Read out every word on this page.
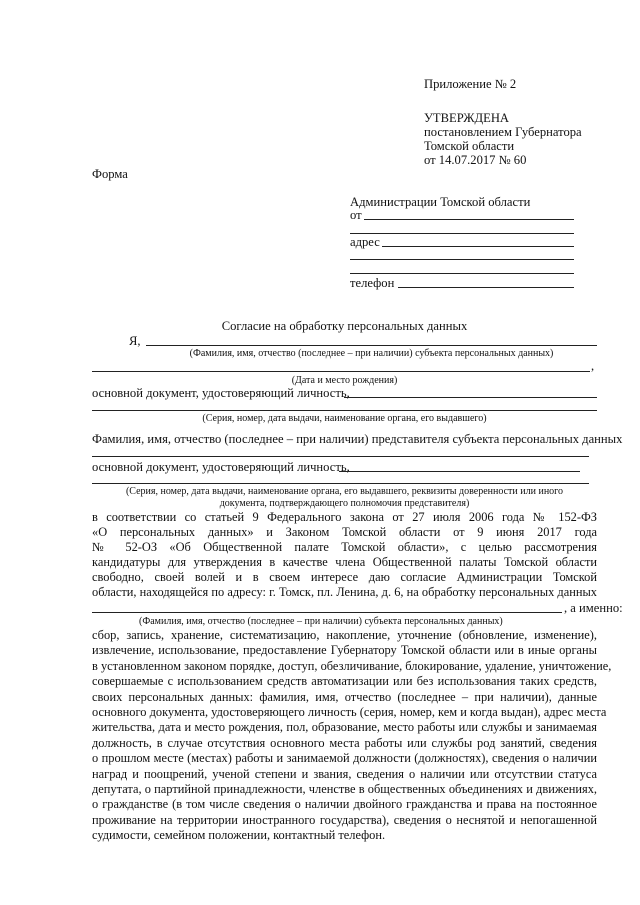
Приложение № 2
УТВЕРЖДЕНА
постановлением Губернатора
Томской области
от 14.07.2017 № 60
Форма
Администрации Томской области
от
адрес
телефон
Согласие на обработку персональных данных
Я,
(Фамилия, имя, отчество (последнее – при наличии) субъекта персональных данных)
,
(Дата и место рождения)
основной документ, удостоверяющий личность,
(Серия, номер, дата выдачи, наименование органа, его выдавшего)
Фамилия, имя, отчество (последнее – при наличии) представителя субъекта персональных данных
основной документ, удостоверяющий личность,
(Серия, номер, дата выдачи, наименование органа, его выдавшего, реквизиты доверенности или иного
документа, подтверждающего полномочия представителя)
в соответствии со статьей 9 Федерального закона от 27 июля 2006 года № 152-ФЗ
«О персональных данных» и Законом Томской области от 9 июня 2017 года
№ 52-ОЗ «Об Общественной палате Томской области», с целью рассмотрения
кандидатуры для утверждения в качестве члена Общественной палаты Томской области
свободно, своей волей и в своем интересе даю согласие Администрации Томской
области, находящейся по адресу: г. Томск, пл. Ленина, д. 6, на обработку персональных данных
, а именно:
(Фамилия, имя, отчество (последнее – при наличии) субъекта персональных данных)
сбор, запись, хранение, систематизацию, накопление, уточнение (обновление, изменение),
извлечение, использование, предоставление Губернатору Томской области или в иные органы
в установленном законом порядке, доступ, обезличивание, блокирование, удаление, уничтожение,
совершаемые с использованием средств автоматизации или без использования таких средств,
своих персональных данных: фамилия, имя, отчество (последнее – при наличии), данные
основного документа, удостоверяющего личность (серия, номер, кем и когда выдан), адрес места
жительства, дата и место рождения, пол, образование, место работы или службы и занимаемая
должность, в случае отсутствия основного места работы или службы род занятий, сведения
о прошлом месте (местах) работы и занимаемой должности (должностях), сведения о наличии
наград и поощрений, ученой степени и звания, сведения о наличии или отсутствии статуса
депутата, о партийной принадлежности, членстве в общественных объединениях и движениях,
о гражданстве (в том числе сведения о наличии двойного гражданства и права на постоянное
проживание на территории иностранного государства), сведения о неснятой и непогашенной
судимости, семейном положении, контактный телефон.
